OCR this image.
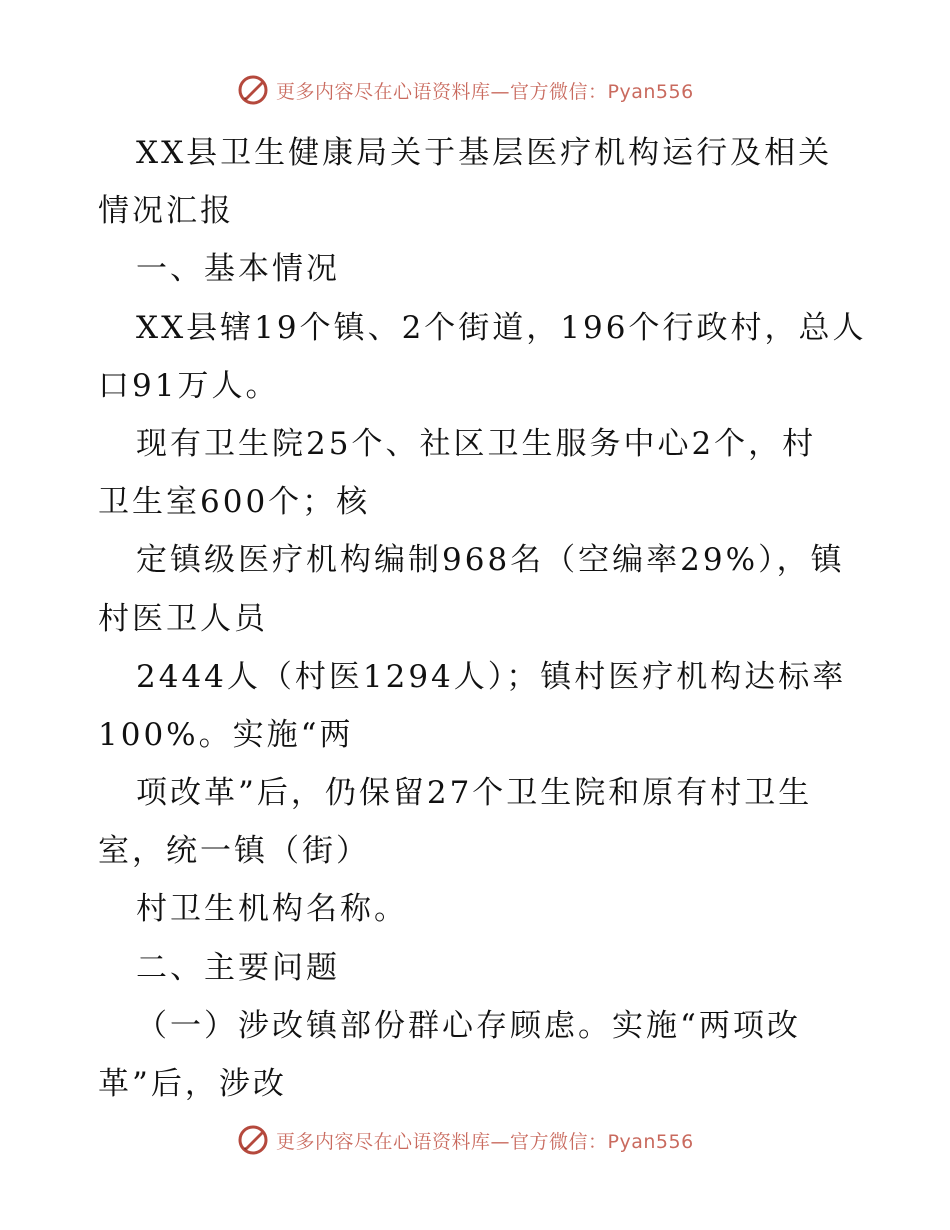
更多内容尽在心语资料库—官方微信：Pyan556
XX县卫生健康局关于基层医疗机构运行及相关
情况汇报
一、基本情况
XX县辖19个镇、2个街道，196个行政村，总人
口91万人。
现有卫生院25个、社区卫生服务中心2个，村
卫生室600个；核
定镇级医疗机构编制968名（空编率29%），镇
村医卫人员
2444人（村医1294人）；镇村医疗机构达标率
100%。实施“两
项改革”后，仍保留27个卫生院和原有村卫生
室，统一镇（街）
村卫生机构名称。
二、主要问题
（一）涉改镇部份群心存顾虑。实施“两项改
革”后，涉改
更多内容尽在心语资料库—官方微信：Pyan556
